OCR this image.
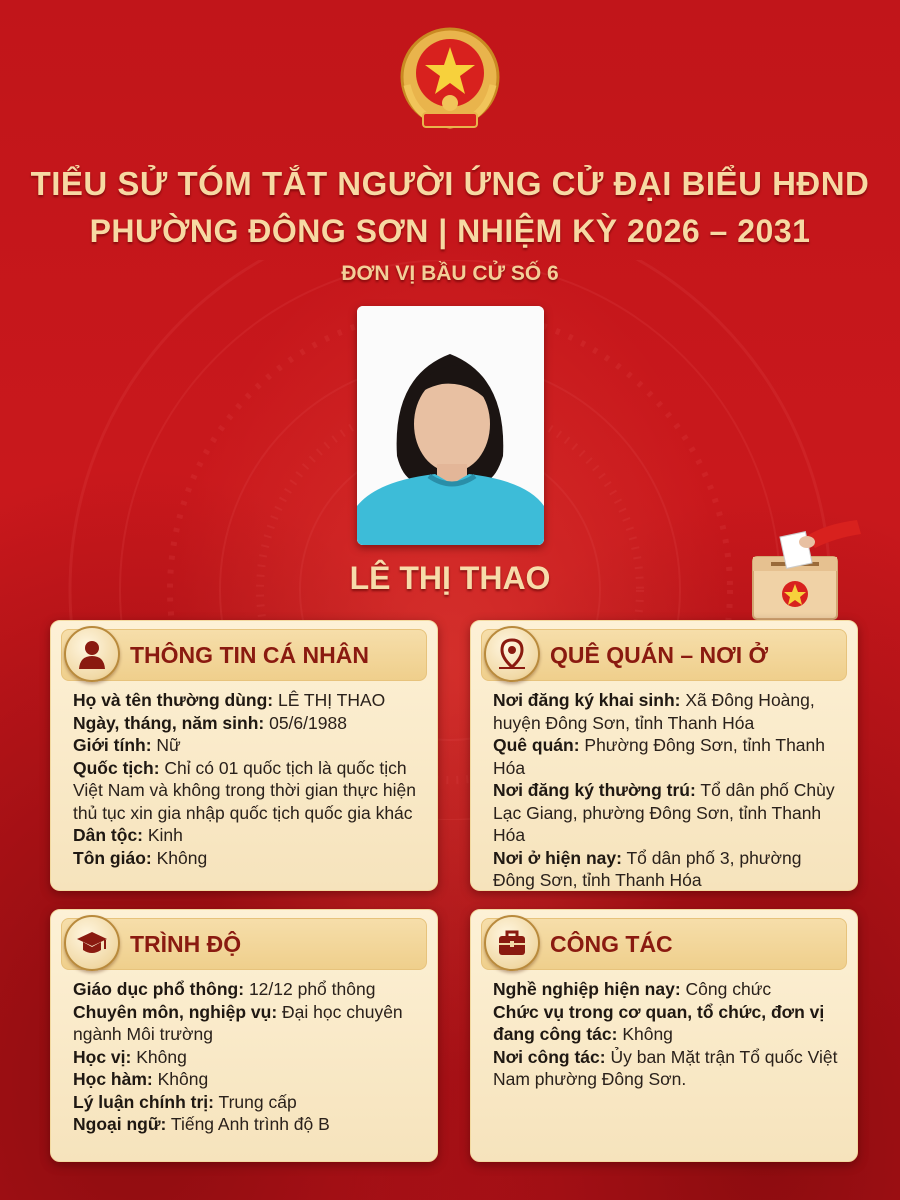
TIỂU SỬ TÓM TẮT NGƯỜI ỨNG CỬ ĐẠI BIỂU HĐND
PHƯỜNG ĐÔNG SƠN | NHIỆM KỲ 2026 – 2031
ĐƠN VỊ BẦU CỬ SỐ 6
LÊ THỊ THAO
THÔNG TIN CÁ NHÂN

Họ và tên thường dùng: LÊ THỊ THAO

Ngày, tháng, năm sinh: 05/6/1988

Giới tính: Nữ

Quốc tịch: Chỉ có 01 quốc tịch là quốc tịch Việt Nam và không trong thời gian thực hiện thủ tục xin gia nhập quốc tịch quốc gia khác

Dân tộc: Kinh

Tôn giáo: Không

QUÊ QUÁN – NƠI Ở

Nơi đăng ký khai sinh: Xã Đông Hoàng, huyện Đông Sơn, tỉnh Thanh Hóa

Quê quán: Phường Đông Sơn, tỉnh Thanh Hóa

Nơi đăng ký thường trú: Tổ dân phố Chùy Lạc Giang, phường Đông Sơn, tỉnh Thanh Hóa

Nơi ở hiện nay: Tổ dân phố 3, phường Đông Sơn, tỉnh Thanh Hóa

TRÌNH ĐỘ

Giáo dục phổ thông: 12/12 phổ thông

Chuyên môn, nghiệp vụ: Đại học chuyên ngành Môi trường

Học vị: Không

Học hàm: Không

Lý luận chính trị: Trung cấp

Ngoại ngữ: Tiếng Anh trình độ B

CÔNG TÁC

Nghề nghiệp hiện nay: Công chức

Chức vụ trong cơ quan, tổ chức, đơn vị đang công tác: Không

Nơi công tác: Ủy ban Mặt trận Tổ quốc Việt Nam phường Đông Sơn.
